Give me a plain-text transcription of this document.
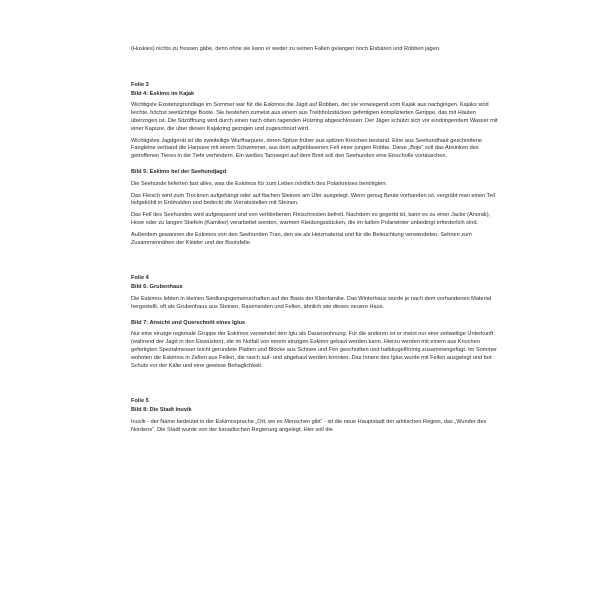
(Huskies) nichts zu fressen gäbe, denn ohne sie kann er weder zu seinen Fallen gelangen noch Eisbären und Robben jagen.

Folie 3

Bild 4: Eskimo im Kajak

Wichtigste Existenzgrundlage im Sommer war für die Eskimos die Jagd auf Robben, der sie vorwiegend vom Kajak aus nachgingen. Kajaks sind leichte, höchst seetüchtige Boote. Sie bestehen zumeist aus einem aus Treibholzstücken gefertigten komplizierten Gerippe, das mit Häuten überzogen ist. Die Sitzöffnung wird durch einen nach oben ragenden Holzring abgeschlossen: Der Jäger schützt sich vor eindringendem Wasser mit einer Kapuze, die über diesen Kajakring gezogen und zugeschnürt wird.

Wichtigstes Jagdgerät ist die zweiteilige Wurfharpune, deren Spitze früher aus spitzen Knochen bestand. Eine aus Seehundhaut geschnittene Fangleine verband die Harpune mit einem Schwimmer, aus dem aufgeblasenen Fell einer jungen Robbe. Diese „Boje“ soll das Absinken des getroffenen Tieres in die Tiefe verhindern. Ein weißes Tarnsegel auf dem Boot soll den Seehunden eine Eisscholle vortäuschen.

Bild 5: Eskimo bei der Seehundjagd

Die Seehunde lieferten fast alles, was die Eskimos für zum Leben nördlich des Polarkreises benötigten:

Das Fleisch wird zum Trocknen aufgehängt oder auf flachen Steinen am Ufer ausgelegt. Wenn genug Beute vorhanden ist, vergräbt man einen Teil tiefgekühlt in Erdmulden und bedeckt die Vorratsstellen mit Steinen.

Das Fell des Seehundes wird aufgespannt und von verbliebenen Fleischresten befreit. Nachdem es gegerbt ist, kann es zu einer Jacke (Anorak), Hose oder zu langen Stiefeln (Kamiker) verarbeitet werden, warmen Kleidungsstücken, die im kalten Polarwinter unbedingt erforderlich sind.

Außerdem gewannen die Eskimos von den Seehunden Tran, den sie als Heizmaterial und für die Beleuchtung verwendeten, Sehnen zum Zusammennähen der Kleider und der Bootsfelle.

Folie 4

Bild 6: Grubenhaus

Die Eskimos lebten in kleinen Siedlungsgemeinschaften auf der Basis der Kleinfamilie. Das Winterhaus wurde je nach dem vorhandenen Material hergestellt, oft als Grubenhaus aus Steinen, Rasensoden und Fellen, ähnlich wie dieses neuere Haus.

Bild 7: Ansicht und Querschnitt eines Iglus

Nur eine einzige regionale Gruppe der Eskimos verwendet den Iglu als Dauerwohnung. Für die anderen ist er meist nur eine zeitweilige Unterkunft (während der Jagd in den Eiswüsten), die im Notfall von einem einzigen Eskimo gebaut werden kann. Hierzu werden mit einem aus Knochen gefertigten Spezialmesser leicht gerundete Platten und Blöcke aus Schnee und Firn geschnitten und halbkugelförmig zusammengefügt. Im Sommer wohnten die Eskimos in Zelten aus Fellen, die rasch auf- und abgebaut werden konnten. Das Innere des Iglus wurde mit Fellen ausgelegt und bot Schutz vor der Kälte und eine gewisse Behaglichkeit.

Folie 5

Bild 8: Die Stadt Inuvik

Inuvik - der Name bedeutet in der Eskimosprache „Ort, wo es Menschen gibt“ - ist die neue Hauptstadt der arktischen Region, das „Wunder des Nordens“. Die Stadt wurde von der kanadischen Regierung angelegt. Hier soll die
